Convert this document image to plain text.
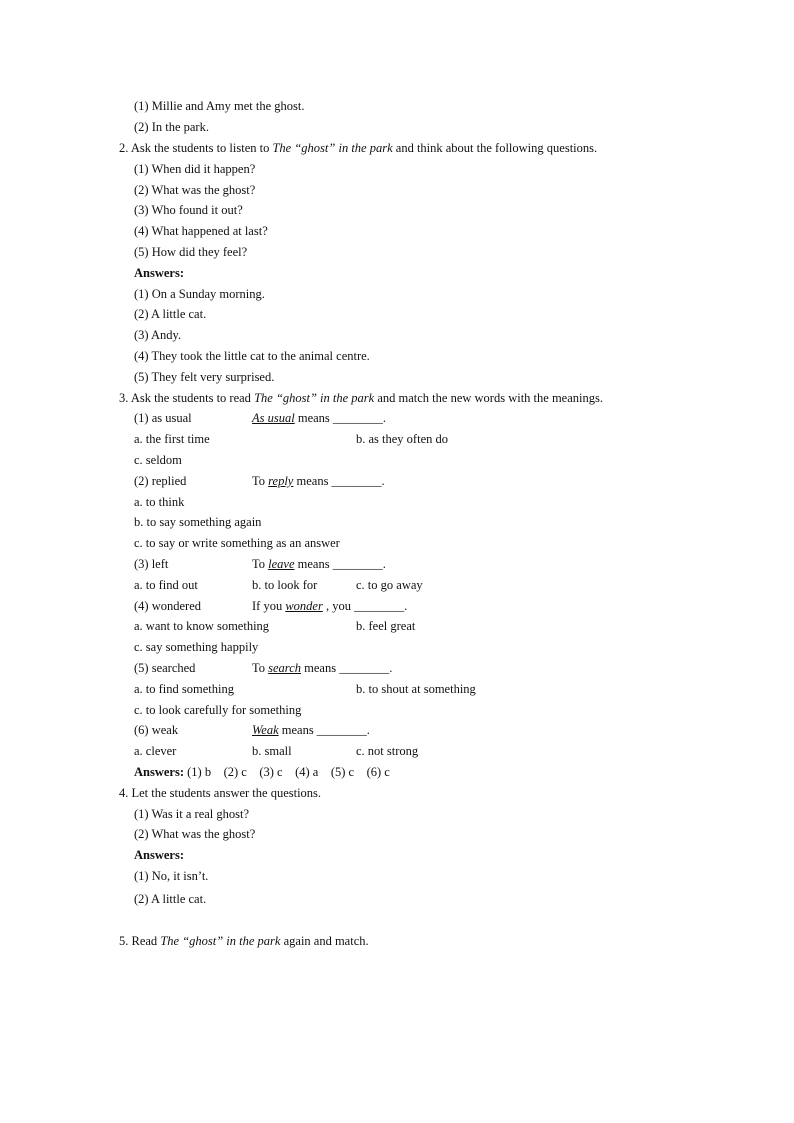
(1) Millie and Amy met the ghost.
(2) In the park.
2. Ask the students to listen to The “ghost” in the park and think about the following questions.
(1) When did it happen?
(2) What was the ghost?
(3) Who found it out?
(4) What happened at last?
(5) How did they feel?
Answers:
(1) On a Sunday morning.
(2) A little cat.
(3) Andy.
(4) They took the little cat to the animal centre.
(5) They felt very surprised.
3. Ask the students to read The “ghost” in the park and match the new words with the meanings.
(1) as usual	As usual means ________.
a. the first time	b. as they often do
c. seldom
(2) replied	To reply means ________.
a. to think
b. to say something again
c. to say or write something as an answer
(3) left	To leave means ________.
a. to find out	b. to look for	c. to go away
(4) wondered	If you wonder , you ________.
a. want to know something	b. feel great
c. say something happily
(5) searched	To search means ________.
a. to find something	b. to shout at something
c. to look carefully for something
(6) weak	Weak means ________.
a. clever	b. small	c. not strong
Answers: (1) b    (2) c    (3) c    (4) a    (5) c    (6) c
4. Let the students answer the questions.
(1) Was it a real ghost?
(2) What was the ghost?
Answers:
(1) No, it isn’t.
(2) A little cat.
5. Read The “ghost” in the park again and match.
